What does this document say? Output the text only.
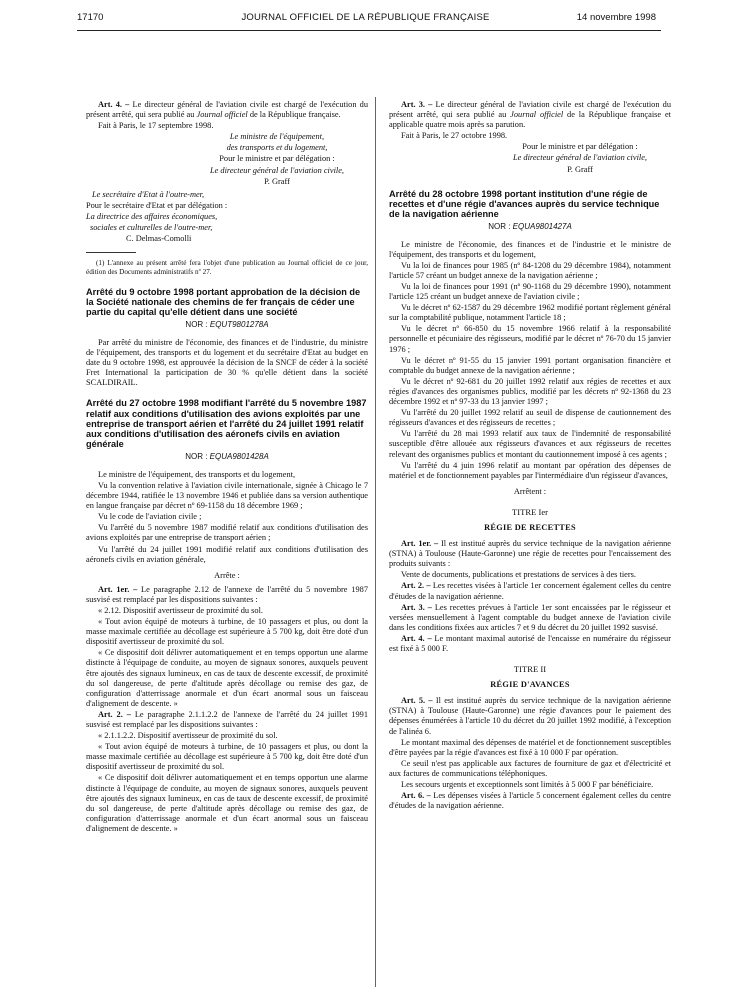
17170	JOURNAL OFFICIEL DE LA RÉPUBLIQUE FRANÇAISE	14 novembre 1998

Art. 4. – Le directeur général de l'aviation civile est chargé de l'exécution du présent arrêté, qui sera publié au Journal officiel de la République française.

Fait à Paris, le 17 septembre 1998.

Le ministre de l'équipement,

des transports et du logement,

Pour le ministre et par délégation :

Le directeur général de l'aviation civile,

P. Graff

Le secrétaire d'Etat à l'outre-mer,

Pour le secrétaire d'Etat et par délégation :

La directrice des affaires économiques,

sociales et culturelles de l'outre-mer,

C. Delmas-Comolli

(1) L'annexe au présent arrêté fera l'objet d'une publication au Journal officiel de ce jour, édition des Documents administratifs nº 27.

Arrêté du 9 octobre 1998 portant approbation de la décision de la Société nationale des chemins de fer français de céder une partie du capital qu'elle détient dans une société

NOR : EQUT9801278A

Par arrêté du ministre de l'économie, des finances et de l'industrie, du ministre de l'équipement, des transports et du logement et du secrétaire d'Etat au budget en date du 9 octobre 1998, est approuvée la décision de la SNCF de céder à la société Fret International la participation de 30 % qu'elle détient dans la société SCALDIRAIL.

Arrêté du 27 octobre 1998 modifiant l'arrêté du 5 novembre 1987 relatif aux conditions d'utilisation des avions exploités par une entreprise de transport aérien et l'arrêté du 24 juillet 1991 relatif aux conditions d'utilisation des aéronefs civils en aviation générale

NOR : EQUA9801428A

Le ministre de l'équipement, des transports et du logement,

Vu la convention relative à l'aviation civile internationale, signée à Chicago le 7 décembre 1944, ratifiée le 13 novembre 1946 et publiée dans sa version authentique en langue française par décret nº 69-1158 du 18 décembre 1969 ;

Vu le code de l'aviation civile ;

Vu l'arrêté du 5 novembre 1987 modifié relatif aux conditions d'utilisation des avions exploités par une entreprise de transport aérien ;

Vu l'arrêté du 24 juillet 1991 modifié relatif aux conditions d'utilisation des aéronefs civils en aviation générale,

Arrête :

Art. 1er. – Le paragraphe 2.12 de l'annexe de l'arrêté du 5 novembre 1987 susvisé est remplacé par les dispositions suivantes :

« 2.12. Dispositif avertisseur de proximité du sol.

« Tout avion équipé de moteurs à turbine, de 10 passagers et plus, ou dont la masse maximale certifiée au décollage est supérieure à 5 700 kg, doit être doté d'un dispositif avertisseur de proximité du sol.

« Ce dispositif doit délivrer automatiquement et en temps opportun une alarme distincte à l'équipage de conduite, au moyen de signaux sonores, auxquels peuvent être ajoutés des signaux lumineux, en cas de taux de descente excessif, de proximité du sol dangereuse, de perte d'altitude après décollage ou remise des gaz, de configuration d'atterrissage anormale et d'un écart anormal sous un faisceau d'alignement de descente. »

Art. 2. – Le paragraphe 2.1.1.2.2 de l'annexe de l'arrêté du 24 juillet 1991 susvisé est remplacé par les dispositions suivantes :

« 2.1.1.2.2. Dispositif avertisseur de proximité du sol.

« Tout avion équipé de moteurs à turbine, de 10 passagers et plus, ou dont la masse maximale certifiée au décollage est supérieure à 5 700 kg, doit être doté d'un dispositif avertisseur de proximité du sol.

« Ce dispositif doit délivrer automatiquement et en temps opportun une alarme distincte à l'équipage de conduite, au moyen de signaux sonores, auxquels peuvent être ajoutés des signaux lumineux, en cas de taux de descente excessif, de proximité du sol dangereuse, de perte d'altitude après décollage ou remise des gaz, de configuration d'atterrissage anormale et d'un écart anormal sous un faisceau d'alignement de descente. »

Art. 3. – Le directeur général de l'aviation civile est chargé de l'exécution du présent arrêté, qui sera publié au Journal officiel de la République française et applicable quatre mois après sa parution.

Fait à Paris, le 27 octobre 1998.

Pour le ministre et par délégation :

Le directeur général de l'aviation civile,

P. Graff

Arrêté du 28 octobre 1998 portant institution d'une régie de recettes et d'une régie d'avances auprès du service technique de la navigation aérienne

NOR : EQUA9801427A

Le ministre de l'économie, des finances et de l'industrie et le ministre de l'équipement, des transports et du logement,

Vu la loi de finances pour 1985 (nº 84-1208 du 29 décembre 1984), notamment l'article 57 créant un budget annexe de la navigation aérienne ;

Vu la loi de finances pour 1991 (nº 90-1168 du 29 décembre 1990), notamment l'article 125 créant un budget annexe de l'aviation civile ;

Vu le décret nº 62-1587 du 29 décembre 1962 modifié portant règlement général sur la comptabilité publique, notamment l'article 18 ;

Vu le décret nº 66-850 du 15 novembre 1966 relatif à la responsabilité personnelle et pécuniaire des régisseurs, modifié par le décret nº 76-70 du 15 janvier 1976 ;

Vu le décret nº 91-55 du 15 janvier 1991 portant organisation financière et comptable du budget annexe de la navigation aérienne ;

Vu le décret nº 92-681 du 20 juillet 1992 relatif aux régies de recettes et aux régies d'avances des organismes publics, modifié par les décrets nº 92-1368 du 23 décembre 1992 et nº 97-33 du 13 janvier 1997 ;

Vu l'arrêté du 20 juillet 1992 relatif au seuil de dispense de cautionnement des régisseurs d'avances et des régisseurs de recettes ;

Vu l'arrêté du 28 mai 1993 relatif aux taux de l'indemnité de responsabilité susceptible d'être allouée aux régisseurs d'avances et aux régisseurs de recettes relevant des organismes publics et montant du cautionnement imposé à ces agents ;

Vu l'arrêté du 4 juin 1996 relatif au montant par opération des dépenses de matériel et de fonctionnement payables par l'intermédiaire d'un régisseur d'avances,

Arrêtent :

TITRE Ier

RÉGIE DE RECETTES

Art. 1er. – Il est institué auprès du service technique de la navigation aérienne (STNA) à Toulouse (Haute-Garonne) une régie de recettes pour l'encaissement des produits suivants :

Vente de documents, publications et prestations de services à des tiers.

Art. 2. – Les recettes visées à l'article 1er concernent également celles du centre d'études de la navigation aérienne.

Art. 3. – Les recettes prévues à l'article 1er sont encaissées par le régisseur et versées mensuellement à l'agent comptable du budget annexe de l'aviation civile dans les conditions fixées aux articles 7 et 9 du décret du 20 juillet 1992 susvisé.

Art. 4. – Le montant maximal autorisé de l'encaisse en numéraire du régisseur est fixé à 5 000 F.

TITRE II

RÉGIE D'AVANCES

Art. 5. – Il est institué auprès du service technique de la navigation aérienne (STNA) à Toulouse (Haute-Garonne) une régie d'avances pour le paiement des dépenses énumérées à l'article 10 du décret du 20 juillet 1992 modifié, à l'exception de l'alinéa 6.

Le montant maximal des dépenses de matériel et de fonctionnement susceptibles d'être payées par la régie d'avances est fixé à 10 000 F par opération.

Ce seuil n'est pas applicable aux factures de fourniture de gaz et d'électricité et aux factures de communications téléphoniques.

Les secours urgents et exceptionnels sont limités à 5 000 F par bénéficiaire.

Art. 6. – Les dépenses visées à l'article 5 concernent également celles du centre d'études de la navigation aérienne.
